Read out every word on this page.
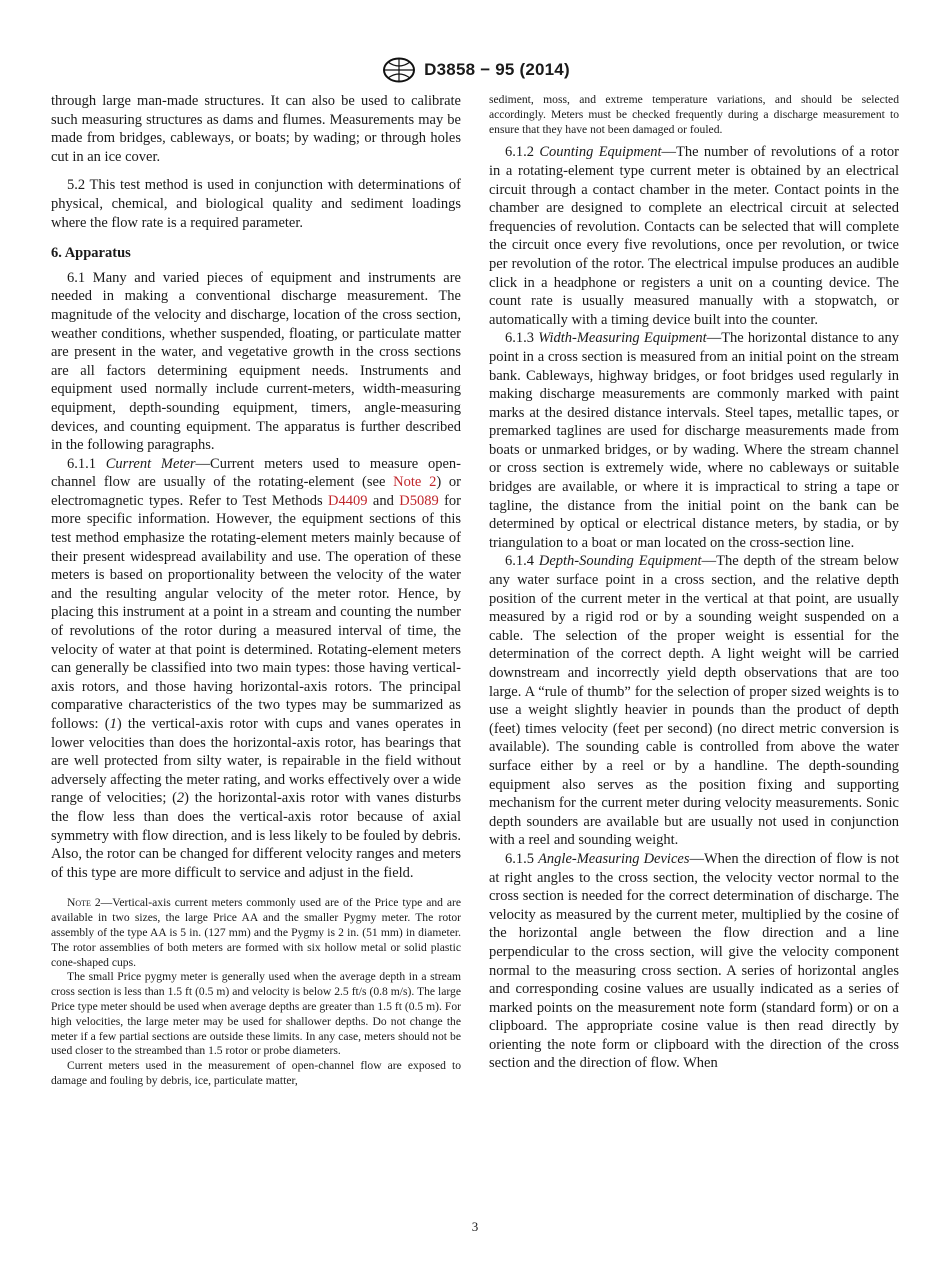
D3858 − 95 (2014)

through large man-made structures. It can also be used to calibrate such measuring structures as dams and flumes. Measurements may be made from bridges, cableways, or boats; by wading; or through holes cut in an ice cover.

5.2 This test method is used in conjunction with determinations of physical, chemical, and biological quality and sediment loadings where the flow rate is a required parameter.

6. Apparatus

6.1 Many and varied pieces of equipment and instruments are needed in making a conventional discharge measurement. The magnitude of the velocity and discharge, location of the cross section, weather conditions, whether suspended, floating, or particulate matter are present in the water, and vegetative growth in the cross sections are all factors determining equipment needs. Instruments and equipment used normally include current-meters, width-measuring equipment, depth-sounding equipment, timers, angle-measuring devices, and counting equipment. The apparatus is further described in the following paragraphs.

6.1.1 Current Meter—Current meters used to measure open-channel flow are usually of the rotating-element (see Note 2) or electromagnetic types. Refer to Test Methods D4409 and D5089 for more specific information. However, the equipment sections of this test method emphasize the rotating-element meters mainly because of their present widespread availability and use. The operation of these meters is based on proportionality between the velocity of the water and the resulting angular velocity of the meter rotor. Hence, by placing this instrument at a point in a stream and counting the number of revolutions of the rotor during a measured interval of time, the velocity of water at that point is determined. Rotating-element meters can generally be classified into two main types: those having vertical-axis rotors, and those having horizontal-axis rotors. The principal comparative characteristics of the two types may be summarized as follows: (1) the vertical-axis rotor with cups and vanes operates in lower velocities than does the horizontal-axis rotor, has bearings that are well protected from silty water, is repairable in the field without adversely affecting the meter rating, and works effectively over a wide range of velocities; (2) the horizontal-axis rotor with vanes disturbs the flow less than does the vertical-axis rotor because of axial symmetry with flow direction, and is less likely to be fouled by debris. Also, the rotor can be changed for different velocity ranges and meters of this type are more difficult to service and adjust in the field.

Note 2—Vertical-axis current meters commonly used are of the Price type and are available in two sizes, the large Price AA and the smaller Pygmy meter. The rotor assembly of the type AA is 5 in. (127 mm) and the Pygmy is 2 in. (51 mm) in diameter. The rotor assemblies of both meters are formed with six hollow metal or solid plastic cone-shaped cups.

The small Price pygmy meter is generally used when the average depth in a stream cross section is less than 1.5 ft (0.5 m) and velocity is below 2.5 ft/s (0.8 m/s). The large Price type meter should be used when average depths are greater than 1.5 ft (0.5 m). For high velocities, the large meter may be used for shallower depths. Do not change the meter if a few partial sections are outside these limits. In any case, meters should not be used closer to the streambed than 1.5 rotor or probe diameters.

Current meters used in the measurement of open-channel flow are exposed to damage and fouling by debris, ice, particulate matter,

sediment, moss, and extreme temperature variations, and should be selected accordingly. Meters must be checked frequently during a discharge measurement to ensure that they have not been damaged or fouled.

6.1.2 Counting Equipment—The number of revolutions of a rotor in a rotating-element type current meter is obtained by an electrical circuit through a contact chamber in the meter. Contact points in the chamber are designed to complete an electrical circuit at selected frequencies of revolution. Contacts can be selected that will complete the circuit once every five revolutions, once per revolution, or twice per revolution of the rotor. The electrical impulse produces an audible click in a headphone or registers a unit on a counting device. The count rate is usually measured manually with a stopwatch, or automatically with a timing device built into the counter.

6.1.3 Width-Measuring Equipment—The horizontal distance to any point in a cross section is measured from an initial point on the stream bank. Cableways, highway bridges, or foot bridges used regularly in making discharge measurements are commonly marked with paint marks at the desired distance intervals. Steel tapes, metallic tapes, or premarked taglines are used for discharge measurements made from boats or unmarked bridges, or by wading. Where the stream channel or cross section is extremely wide, where no cableways or suitable bridges are available, or where it is impractical to string a tape or tagline, the distance from the initial point on the bank can be determined by optical or electrical distance meters, by stadia, or by triangulation to a boat or man located on the cross-section line.

6.1.4 Depth-Sounding Equipment—The depth of the stream below any water surface point in a cross section, and the relative depth position of the current meter in the vertical at that point, are usually measured by a rigid rod or by a sounding weight suspended on a cable. The selection of the proper weight is essential for the determination of the correct depth. A light weight will be carried downstream and incorrectly yield depth observations that are too large. A “rule of thumb” for the selection of proper sized weights is to use a weight slightly heavier in pounds than the product of depth (feet) times velocity (feet per second) (no direct metric conversion is available). The sounding cable is controlled from above the water surface either by a reel or by a handline. The depth-sounding equipment also serves as the position fixing and supporting mechanism for the current meter during velocity measurements. Sonic depth sounders are available but are usually not used in conjunction with a reel and sounding weight.

6.1.5 Angle-Measuring Devices—When the direction of flow is not at right angles to the cross section, the velocity vector normal to the cross section is needed for the correct determination of discharge. The velocity as measured by the current meter, multiplied by the cosine of the horizontal angle between the flow direction and a line perpendicular to the cross section, will give the velocity component normal to the measuring cross section. A series of horizontal angles and corresponding cosine values are usually indicated as a series of marked points on the measurement note form (standard form) or on a clipboard. The appropriate cosine value is then read directly by orienting the note form or clipboard with the direction of the cross section and the direction of flow. When

3
